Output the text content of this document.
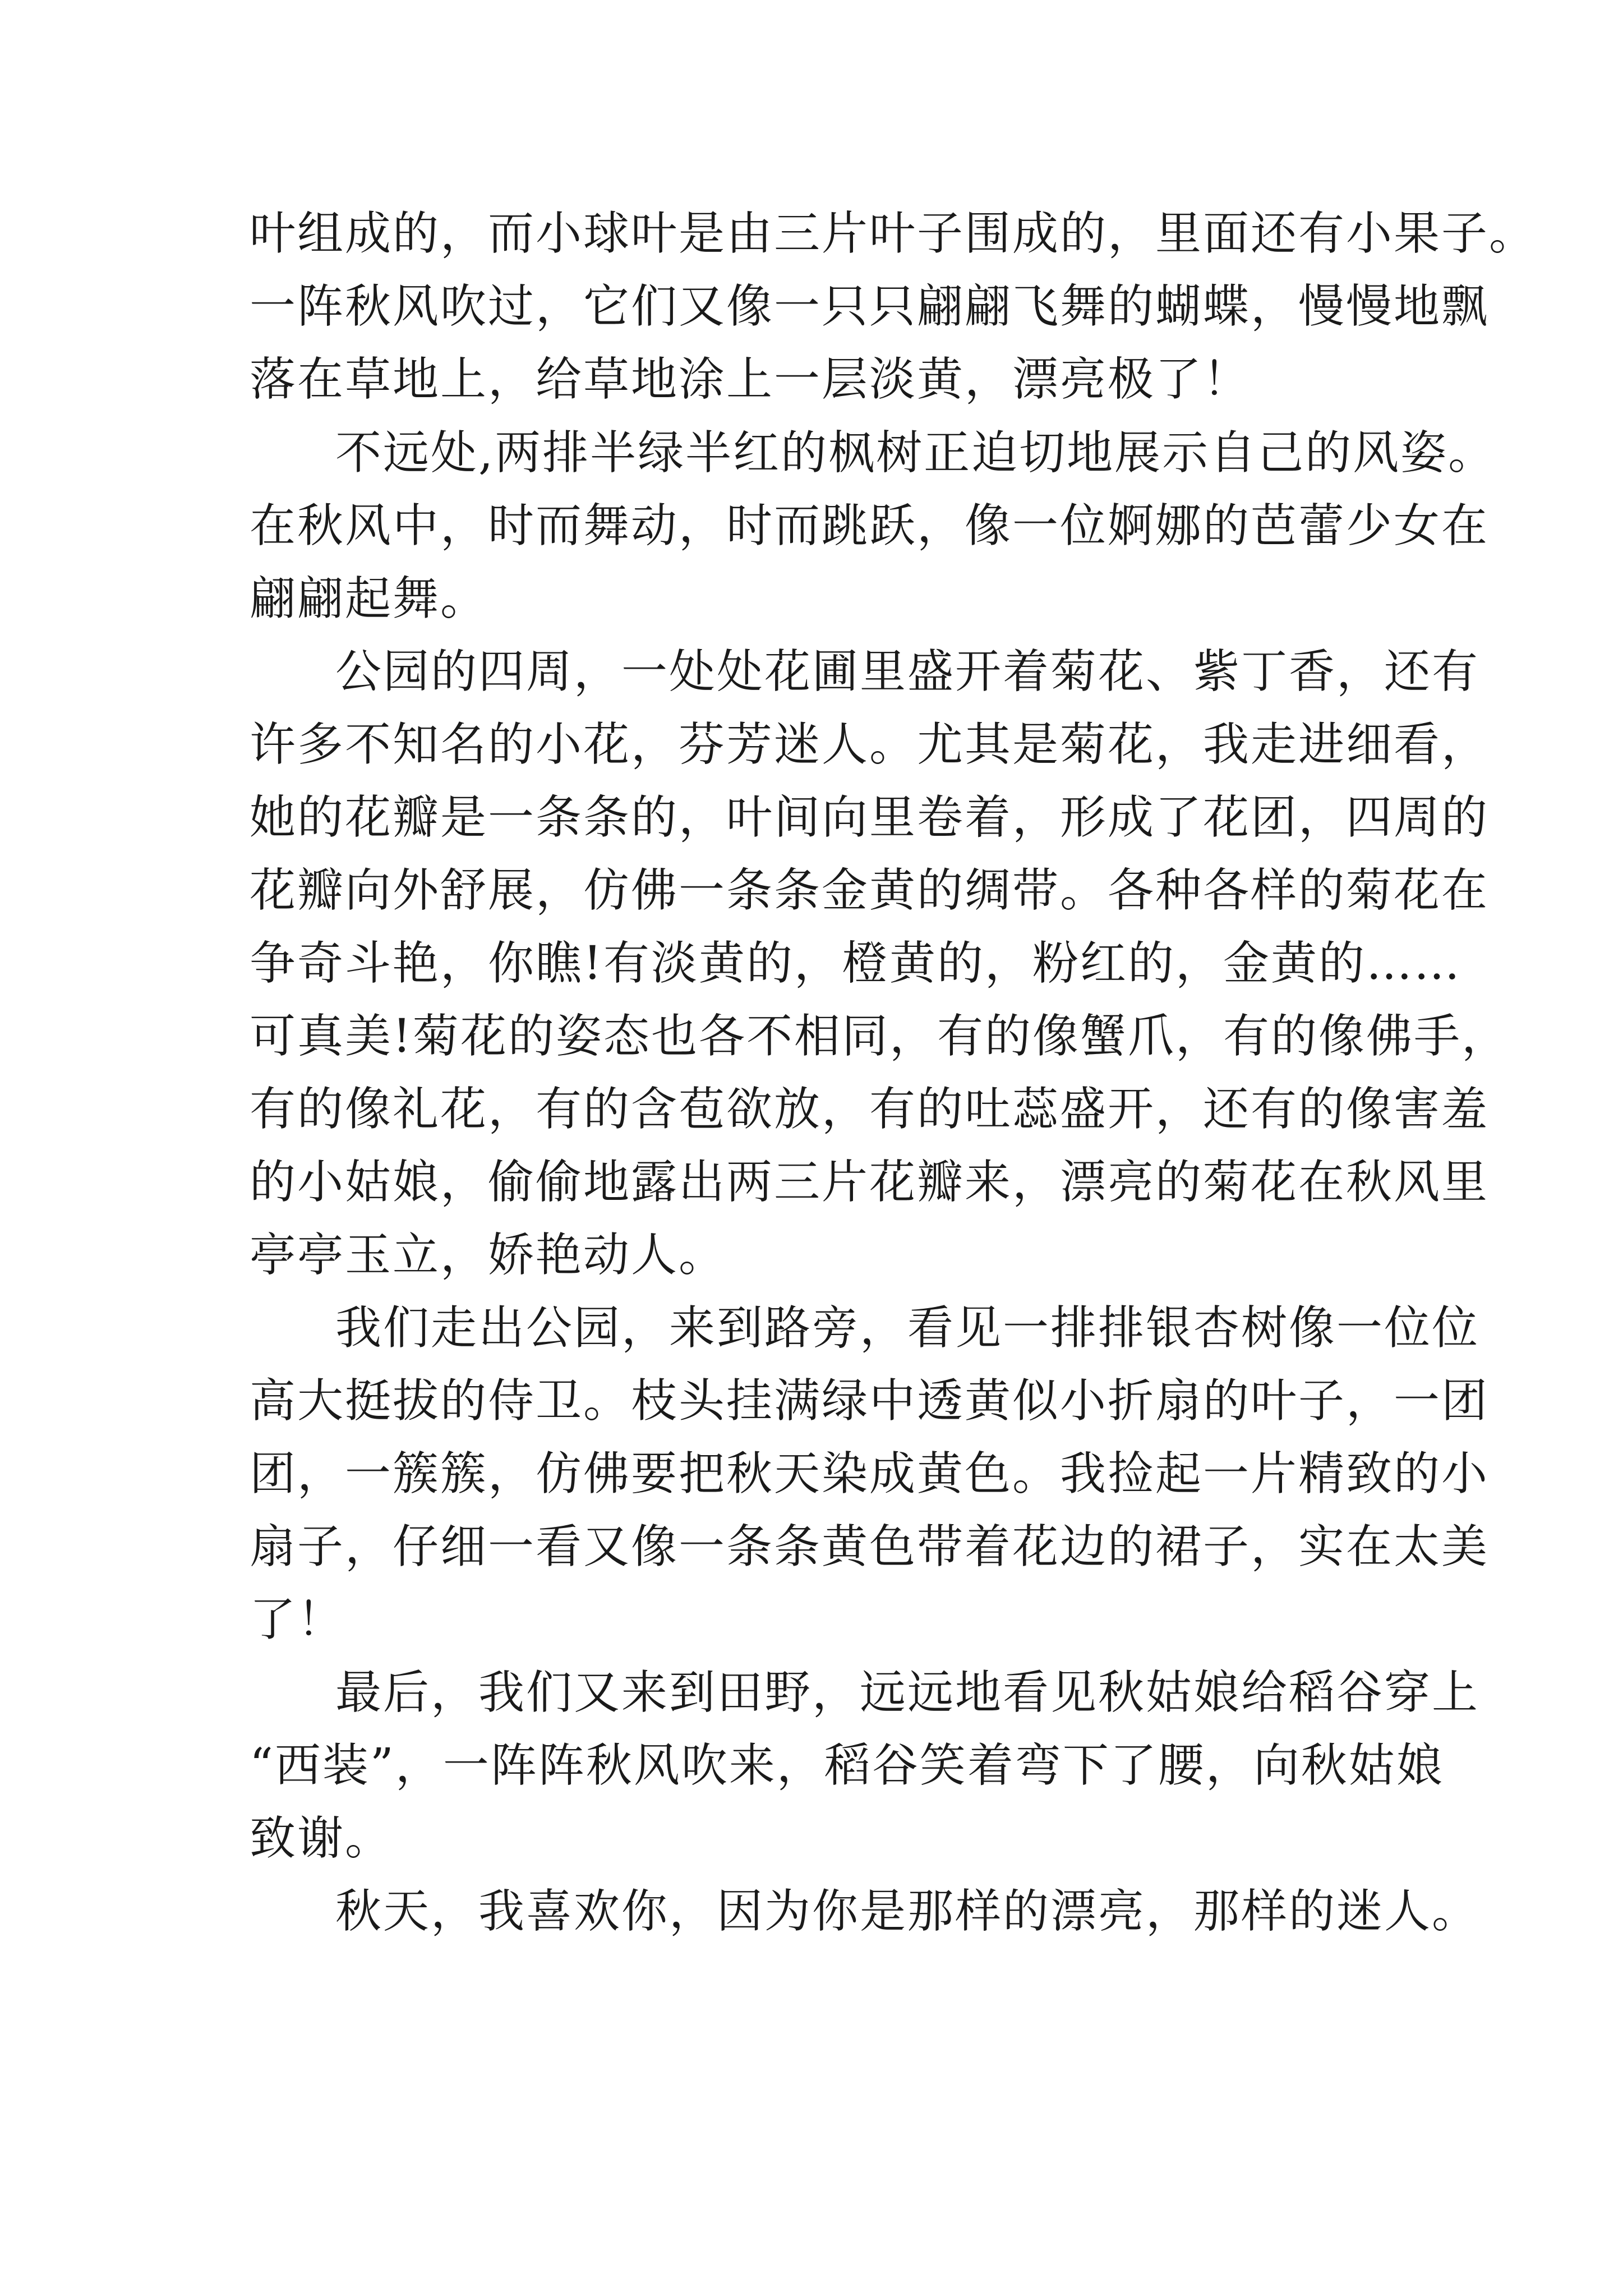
叶组成的，而小球叶是由三片叶子围成的，里面还有小果子。
一阵秋风吹过，它们又像一只只翩翩飞舞的蝴蝶，慢慢地飘
落在草地上，给草地涂上一层淡黄，漂亮极了！
不远处,两排半绿半红的枫树正迫切地展示自己的风姿。
在秋风中，时而舞动，时而跳跃，像一位婀娜的芭蕾少女在
翩翩起舞。
公园的四周，一处处花圃里盛开着菊花、紫丁香，还有
许多不知名的小花，芬芳迷人。尤其是菊花，我走进细看，
她的花瓣是一条条的，叶间向里卷着，形成了花团，四周的
花瓣向外舒展，仿佛一条条金黄的绸带。各种各样的菊花在
争奇斗艳，你瞧!有淡黄的，橙黄的，粉红的，金黄的……
可真美!菊花的姿态也各不相同，有的像蟹爪，有的像佛手，
有的像礼花，有的含苞欲放，有的吐蕊盛开，还有的像害羞
的小姑娘，偷偷地露出两三片花瓣来，漂亮的菊花在秋风里
亭亭玉立，娇艳动人。
我们走出公园，来到路旁，看见一排排银杏树像一位位
高大挺拔的侍卫。枝头挂满绿中透黄似小折扇的叶子，一团
团，一簇簇，仿佛要把秋天染成黄色。我捡起一片精致的小
扇子，仔细一看又像一条条黄色带着花边的裙子，实在太美
了！
最后，我们又来到田野，远远地看见秋姑娘给稻谷穿上
“西装”，一阵阵秋风吹来，稻谷笑着弯下了腰，向秋姑娘
致谢。
秋天，我喜欢你，因为你是那样的漂亮，那样的迷人。
